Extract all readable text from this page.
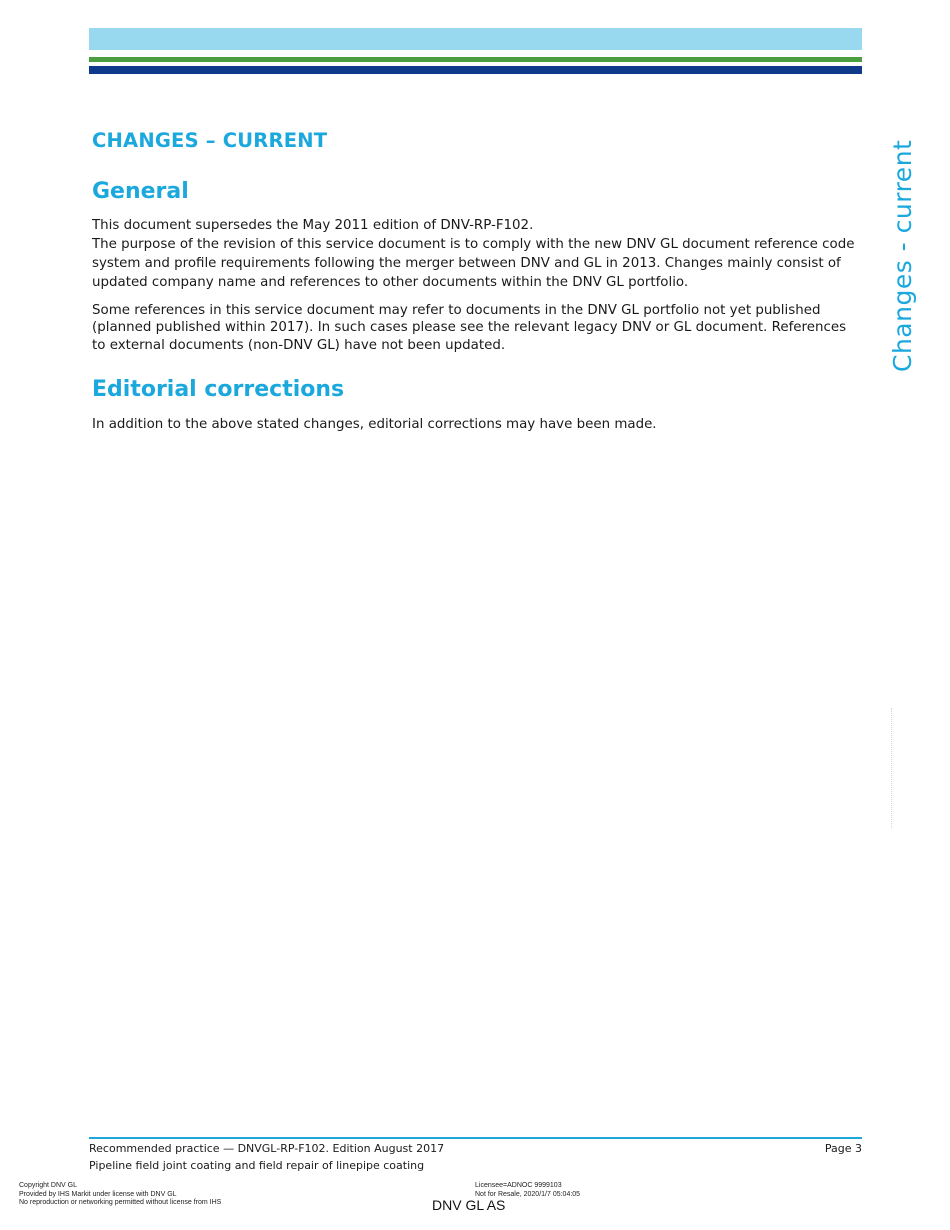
CHANGES – CURRENT
General

This document supersedes the May 2011 edition of DNV-RP-F102.
The purpose of the revision of this service document is to comply with the new DNV GL document reference code system and profile requirements following the merger between DNV and GL in 2013. Changes mainly consist of updated company name and references to other documents within the DNV GL portfolio.

Some references in this service document may refer to documents in the DNV GL portfolio not yet published (planned published within 2017). In such cases please see the relevant legacy DNV or GL document. References to external documents (non-DNV GL) have not been updated.

Editorial corrections

In addition to the above stated changes, editorial corrections may have been made.

Changes - current
Recommended practice — DNVGL-RP-F102. Edition August 2017
Pipeline field joint coating and field repair of linepipe coating
Page 3
Copyright DNV GL
Provided by IHS Markit under license with DNV GL
No reproduction or networking permitted without license from IHS
Licensee=ADNOC 9999103
Not for Resale, 2020/1/7 05:04:05
DNV GL AS
